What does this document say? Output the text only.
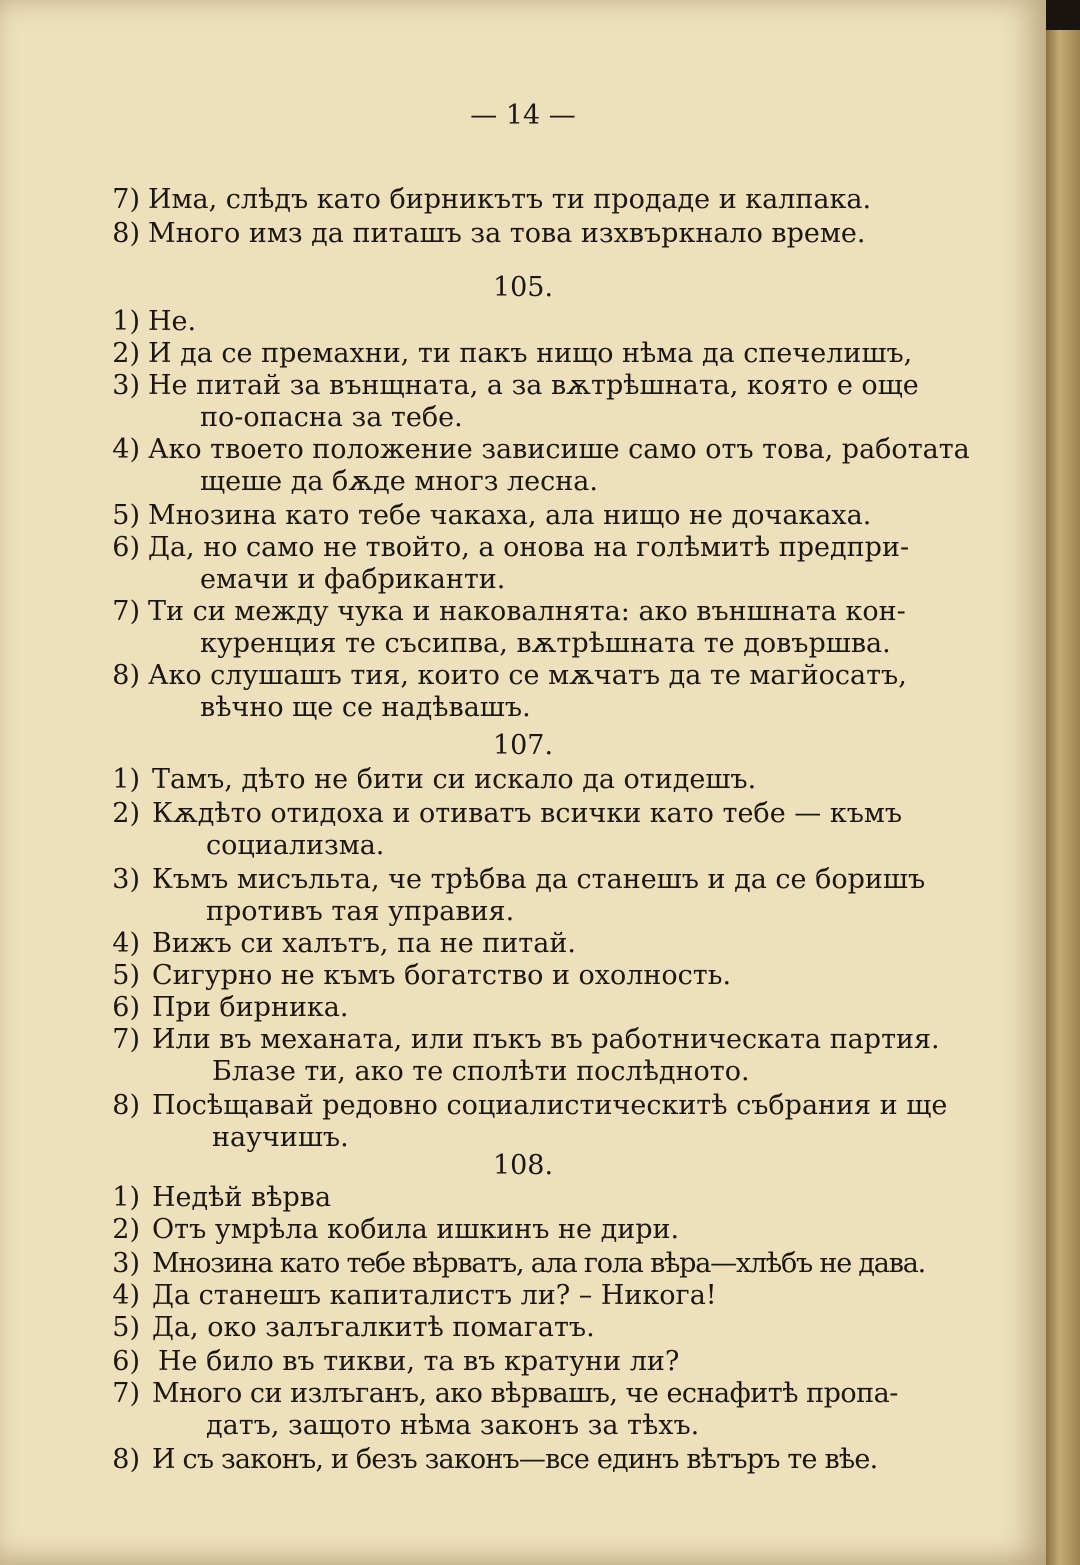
— 14 —
7) Има, слѣдъ като бирникътъ ти продаде и калпака.
8) Много имз да питашъ за това изхвъркнало време.
105.
1) Не.
2) И да се премахни, ти пакъ нищо нѣма да спечелишъ,
3) Не питай за вънщната, а за вѫтрѣшната, която е още
по-опасна за тебе.
4) Ако твоето положение зависише само отъ това, работата
щеше да бѫде многз лесна.
5) Мнозина като тебе чакаха, ала нищо не дочакаха.
6) Да, но само не твойто, а онова на голѣмитѣ предпри-
емачи и фабриканти.
7) Ти си между чука и наковалнята: ако външната кон-
куренция те съсипва, вѫтрѣшната те довършва.
8) Ако слушашъ тия, които се мѫчатъ да те магйосатъ,
вѣчно ще се надѣвашъ.
107.
1) Тамъ, дѣто не бити си искало да отидешъ.
2) Кѫдѣто отидоха и отиватъ всички като тебе — къмъ
социализма.
3) Къмъ мисъльта, че трѣбва да станешъ и да се боришъ
противъ тая управия.
4) Вижъ си халътъ, па не питай.
5) Сигурно не къмъ богатство и охолность.
6) При бирника.
7) Или въ механата, или пъкъ въ работническата партия.
Блазе ти, ако те сполѣти послѣдното.
8) Посѣщавай редовно социалистическитѣ събрания и ще
научишъ.
108.
1) Недѣй вѣрва
2) Отъ умрѣла кобила ишкинъ не дири.
3) Мнозина като тебе вѣрватъ, ала гола вѣра—хлѣбъ не дава.
4) Да станешъ капиталистъ ли? – Никога!
5) Да, око залъгалкитѣ помагатъ.
6) Не било въ тикви, та въ кратуни ли?
7) Много си излъганъ, ако вѣрвашъ, че еснафитѣ пропа-
датъ, защото нѣма законъ за тѣхъ.
8) И съ законъ, и безъ законъ—все единъ вѣтъръ те вѣе.
